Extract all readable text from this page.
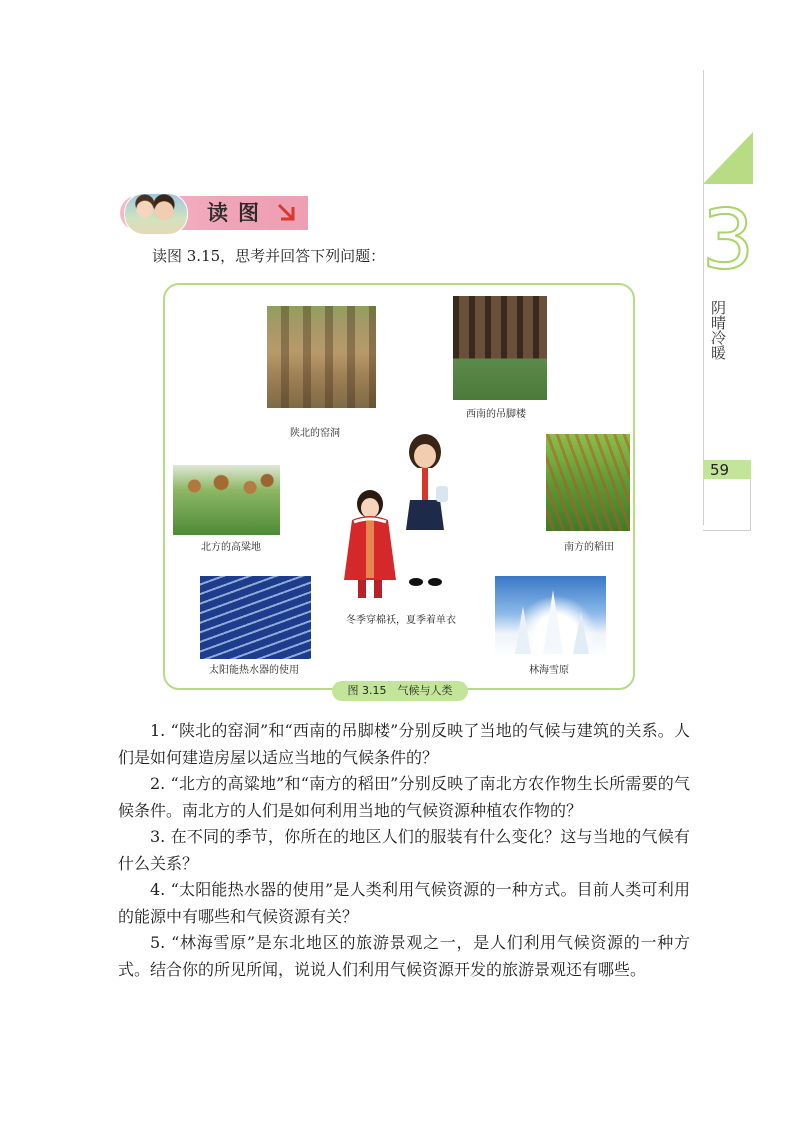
3
阴晴冷暖
59
读图
读图 3.15，思考并回答下列问题：
陕北的窑洞
西南的吊脚楼
北方的高粱地	南方的稻田
冬季穿棉袄，夏季着单衣
太阳能热水器的使用	林海雪原
图 3.15　气候与人类

1. “陕北的窑洞”和“西南的吊脚楼”分别反映了当地的气候与建筑的关系。人们是如何建造房屋以适应当地的气候条件的？

2. “北方的高粱地”和“南方的稻田”分别反映了南北方农作物生长所需要的气候条件。南北方的人们是如何利用当地的气候资源种植农作物的？

3. 在不同的季节，你所在的地区人们的服装有什么变化？这与当地的气候有什么关系？

4. “太阳能热水器的使用”是人类利用气候资源的一种方式。目前人类可利用的能源中有哪些和气候资源有关？

5. “林海雪原”是东北地区的旅游景观之一，是人们利用气候资源的一种方式。结合你的所见所闻，说说人们利用气候资源开发的旅游景观还有哪些。
